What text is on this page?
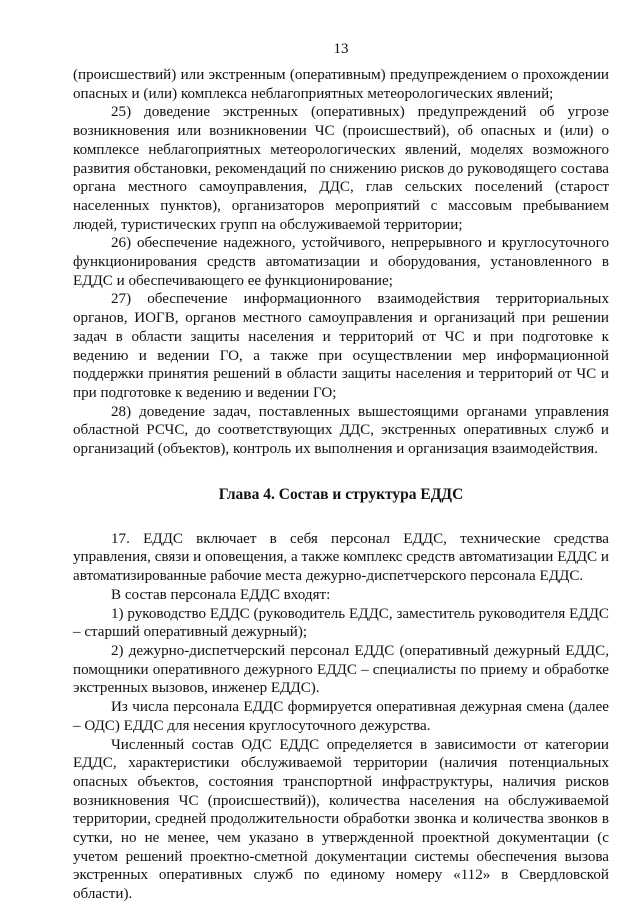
13

(происшествий) или экстренным (оперативным) предупреждением о прохождении опасных и (или) комплекса неблагоприятных метеорологических явлений;

25) доведение экстренных (оперативных) предупреждений об угрозе возникновения или возникновении ЧС (происшествий), об опасных и (или) о комплексе неблагоприятных метеорологических явлений, моделях возможного развития обстановки, рекомендаций по снижению рисков до руководящего состава органа местного самоуправления, ДДС, глав сельских поселений (старост населенных пунктов), организаторов мероприятий с массовым пребыванием людей, туристических групп на обслуживаемой территории;

26) обеспечение надежного, устойчивого, непрерывного и круглосуточного функционирования средств автоматизации и оборудования, установленного в ЕДДС и обеспечивающего ее функционирование;

27) обеспечение информационного взаимодействия территориальных органов, ИОГВ, органов местного самоуправления и организаций при решении задач в области защиты населения и территорий от ЧС и при подготовке к ведению и ведении ГО, а также при осуществлении мер информационной поддержки принятия решений в области защиты населения и территорий от ЧС и при подготовке к ведению и ведении ГО;

28) доведение задач, поставленных вышестоящими органами управления областной РСЧС, до соответствующих ДДС, экстренных оперативных служб и организаций (объектов), контроль их выполнения и организация взаимодействия.

Глава 4. Состав и структура ЕДДС

17. ЕДДС включает в себя персонал ЕДДС, технические средства управления, связи и оповещения, а также комплекс средств автоматизации ЕДДС и автоматизированные рабочие места дежурно-диспетчерского персонала ЕДДС.

В состав персонала ЕДДС входят:

1) руководство ЕДДС (руководитель ЕДДС, заместитель руководителя ЕДДС – старший оперативный дежурный);

2) дежурно-диспетчерский персонал ЕДДС (оперативный дежурный ЕДДС, помощники оперативного дежурного ЕДДС – специалисты по приему и обработке экстренных вызовов, инженер ЕДДС).

Из числа персонала ЕДДС формируется оперативная дежурная смена (далее – ОДС) ЕДДС для несения круглосуточного дежурства.

Численный состав ОДС ЕДДС определяется в зависимости от категории ЕДДС, характеристики обслуживаемой территории (наличия потенциальных опасных объектов, состояния транспортной инфраструктуры, наличия рисков возникновения ЧС (происшествий)), количества населения на обслуживаемой территории, средней продолжительности обработки звонка и количества звонков в сутки, но не менее, чем указано в утвержденной проектной документации (с учетом решений проектно-сметной документации системы обеспечения вызова экстренных оперативных служб по единому номеру «112» в Свердловской области).
